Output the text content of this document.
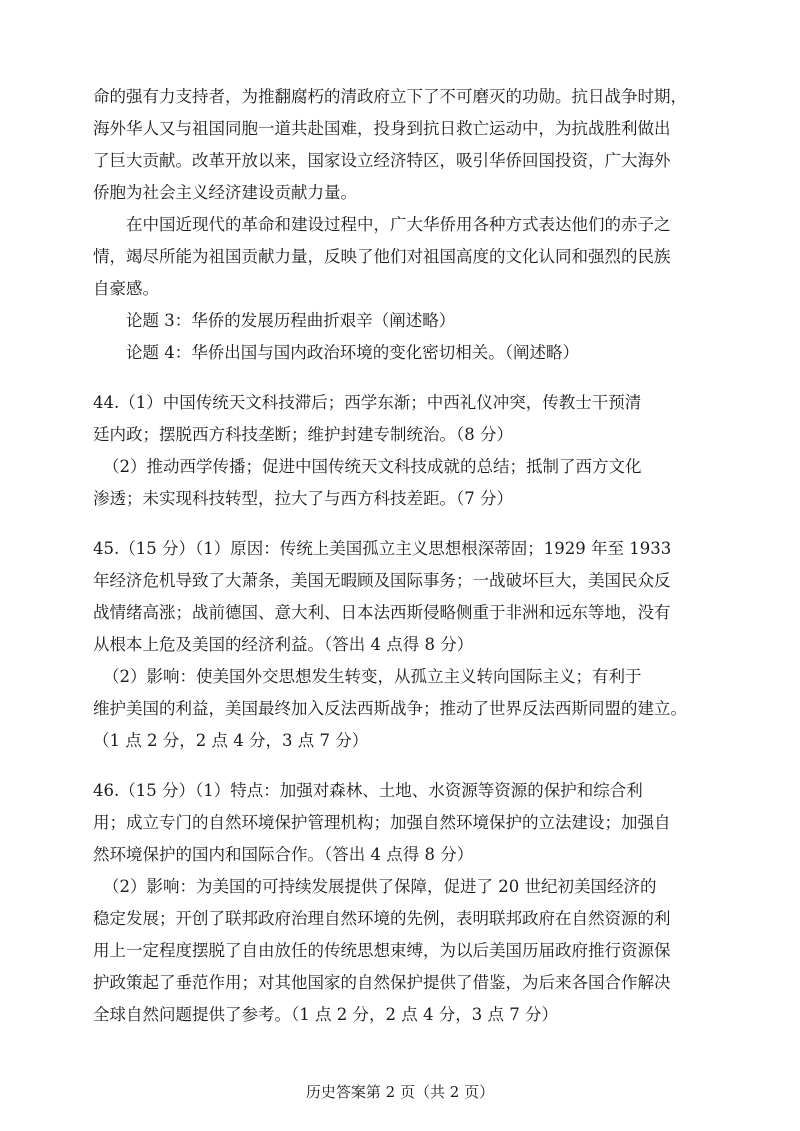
命的强有力支持者，为推翻腐朽的清政府立下了不可磨灭的功勋。抗日战争时期，
海外华人又与祖国同胞一道共赴国难，投身到抗日救亡运动中，为抗战胜利做出
了巨大贡献。改革开放以来，国家设立经济特区，吸引华侨回国投资，广大海外
侨胞为社会主义经济建设贡献力量。
在中国近现代的革命和建设过程中，广大华侨用各种方式表达他们的赤子之
情，竭尽所能为祖国贡献力量，反映了他们对祖国高度的文化认同和强烈的民族
自豪感。
论题 3：华侨的发展历程曲折艰辛（阐述略）
论题 4：华侨出国与国内政治环境的变化密切相关。（阐述略）
44.（1）中国传统天文科技滞后；西学东渐；中西礼仪冲突，传教士干预清
廷内政；摆脱西方科技垄断；维护封建专制统治。（8 分）
（2）推动西学传播；促进中国传统天文科技成就的总结；抵制了西方文化
渗透；未实现科技转型，拉大了与西方科技差距。（7 分）
45.（15 分）（1）原因：传统上美国孤立主义思想根深蒂固；1929 年至 1933
年经济危机导致了大萧条，美国无暇顾及国际事务；一战破坏巨大，美国民众反
战情绪高涨；战前德国、意大利、日本法西斯侵略侧重于非洲和远东等地，没有
从根本上危及美国的经济利益。（答出 4 点得 8 分）
（2）影响：使美国外交思想发生转变，从孤立主义转向国际主义；有利于
维护美国的利益，美国最终加入反法西斯战争；推动了世界反法西斯同盟的建立。
（1 点 2 分，2 点 4 分，3 点 7 分）
46.（15 分）（1）特点：加强对森林、土地、水资源等资源的保护和综合利
用；成立专门的自然环境保护管理机构；加强自然环境保护的立法建设；加强自
然环境保护的国内和国际合作。（答出 4 点得 8 分）
（2）影响：为美国的可持续发展提供了保障，促进了 20 世纪初美国经济的
稳定发展；开创了联邦政府治理自然环境的先例，表明联邦政府在自然资源的利
用上一定程度摆脱了自由放任的传统思想束缚，为以后美国历届政府推行资源保
历史答案第 2 页（共 2 页）
护政策起了垂范作用；对其他国家的自然保护提供了借鉴，为后来各国合作解决
全球自然问题提供了参考。（1 点 2 分，2 点 4 分，3 点 7 分）
